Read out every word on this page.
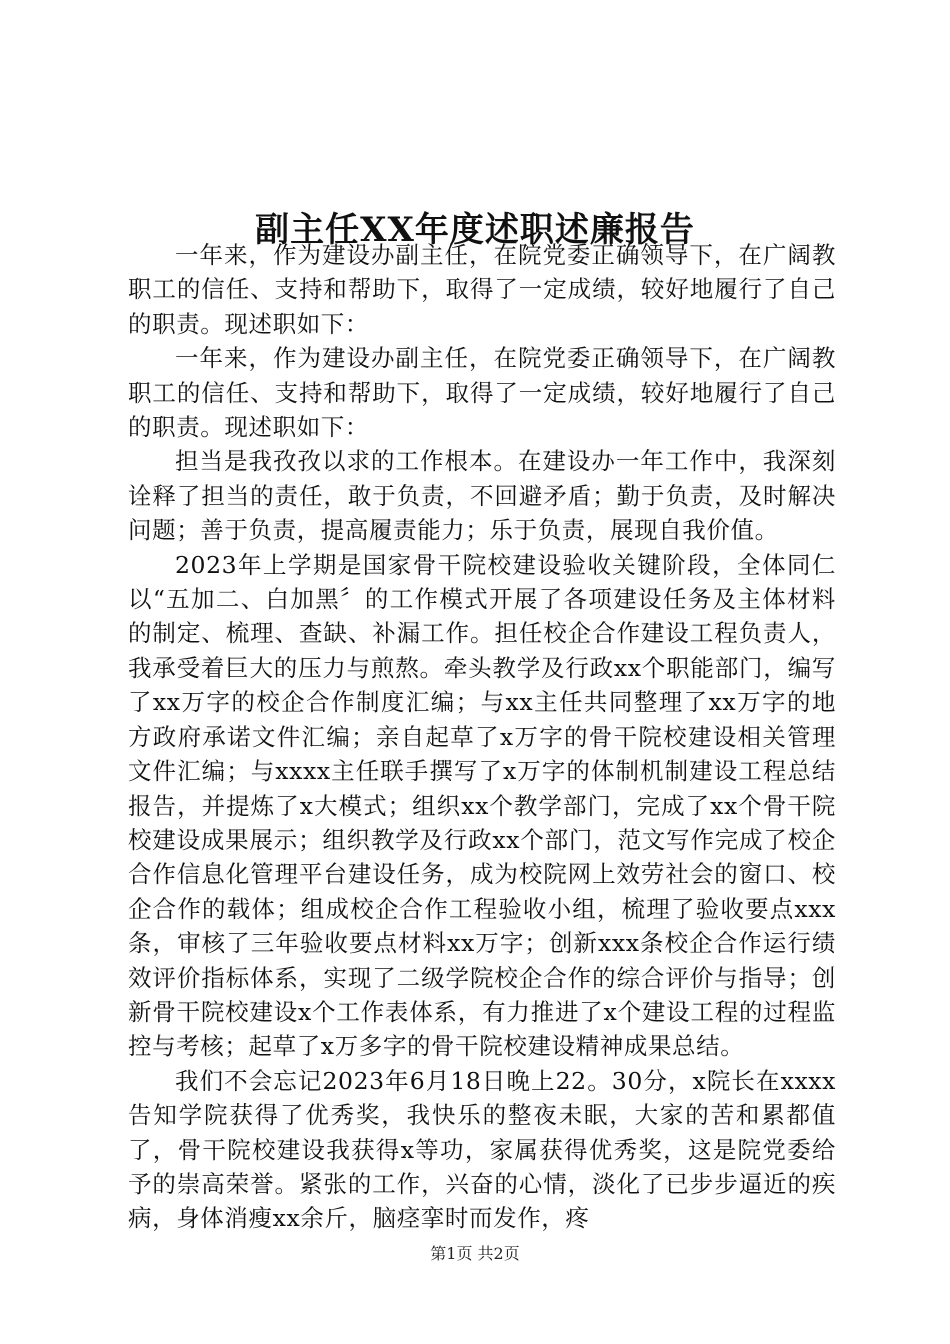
副主任XX年度述职述廉报告

一年来，作为建设办副主任，在院党委正确领导下，在广阔教职工的信任、支持和帮助下，取得了一定成绩，较好地履行了自己的职责。现述职如下：

一年来，作为建设办副主任，在院党委正确领导下，在广阔教职工的信任、支持和帮助下，取得了一定成绩，较好地履行了自己的职责。现述职如下：

担当是我孜孜以求的工作根本。在建设办一年工作中，我深刻诠释了担当的责任，敢于负责，不回避矛盾；勤于负责，及时解决问题；善于负责，提高履责能力；乐于负责，展现自我价值。

2023年上学期是国家骨干院校建设验收关键阶段，全体同仁以“五加二、白加黑〞的工作模式开展了各项建设任务及主体材料的制定、梳理、查缺、补漏工作。担任校企合作建设工程负责人，我承受着巨大的压力与煎熬。牵头教学及行政xx个职能部门，编写了xx万字的校企合作制度汇编；与xx主任共同整理了xx万字的地方政府承诺文件汇编；亲自起草了x万字的骨干院校建设相关管理文件汇编；与xxxx主任联手撰写了x万字的体制机制建设工程总结报告，并提炼了x大模式；组织xx个教学部门，完成了xx个骨干院校建设成果展示；组织教学及行政xx个部门，范文写作完成了校企合作信息化管理平台建设任务，成为校院网上效劳社会的窗口、校企合作的载体；组成校企合作工程验收小组，梳理了验收要点xxx条，审核了三年验收要点材料xx万字；创新xxx条校企合作运行绩效评价指标体系，实现了二级学院校企合作的综合评价与指导；创新骨干院校建设x个工作表体系，有力推进了x个建设工程的过程监控与考核；起草了x万多字的骨干院校建设精神成果总结。

我们不会忘记2023年6月18日晚上22。30分，x院长在xxxx　 告知学院获得了优秀奖，我快乐的整夜未眠，大家的苦和累都值了，骨干院校建设我获得x等功，家属获得优秀奖，这是院党委给予的崇高荣誉。紧张的工作，兴奋的心情，淡化了已步步逼近的疾病，身体消瘦xx余斤，脑痉挛时而发作，疼

第1页 共2页
